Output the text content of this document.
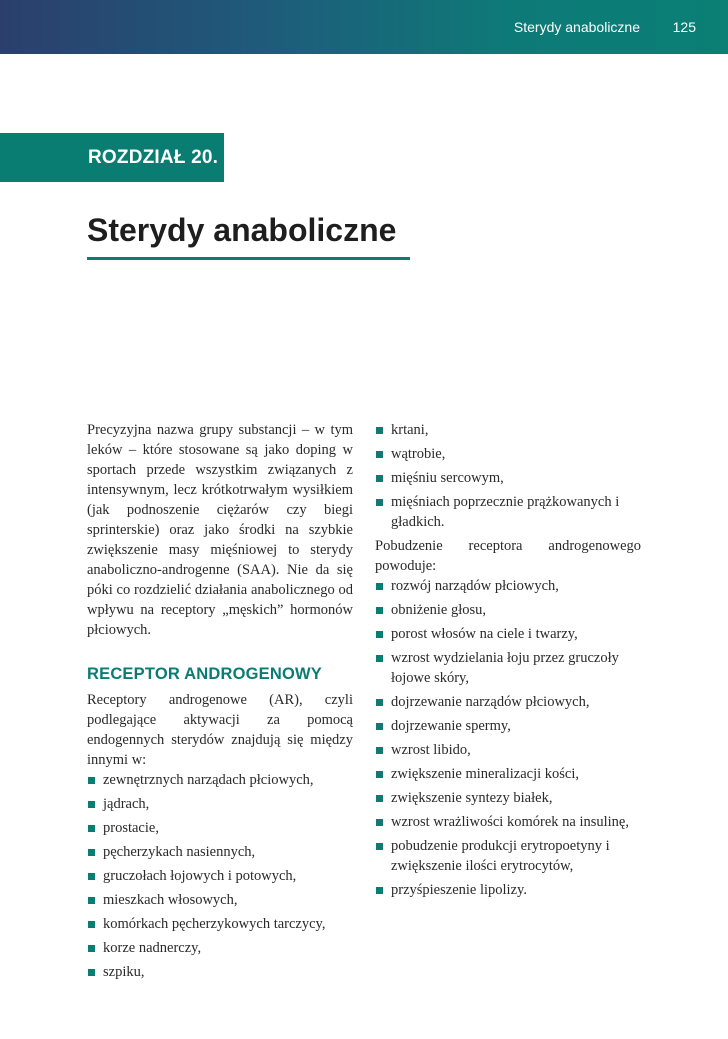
Sterydy anaboliczne 125
ROZDZIAŁ 20.
Sterydy anaboliczne

Precyzyjna nazwa grupy substancji – w tym leków – które stosowane są jako doping w sportach przede wszystkim związanych z intensywnym, lecz krótkotrwałym wysiłkiem (jak podnoszenie ciężarów czy biegi sprinterskie) oraz jako środki na szybkie zwiększenie masy mięśniowej to sterydy anaboliczno-androgenne (SAA). Nie da się póki co rozdzielić działania anabolicznego od wpływu na receptory „męskich” hormonów płciowych.

RECEPTOR ANDROGENOWY

Receptory androgenowe (AR), czyli podlegające aktywacji za pomocą endogennych sterydów znajdują się między innymi w:

zewnętrznych narządach płciowych,
jądrach,
prostacie,
pęcherzykach nasiennych,
gruczołach łojowych i potowych,
mieszkach włosowych,
komórkach pęcherzykowych tarczycy,
korze nadnerczy,
szpiku,
krtani,
wątrobie,
mięśniu sercowym,
mięśniach poprzecznie prążkowanych i gładkich.

Pobudzenie receptora androgenowego powoduje:

rozwój narządów płciowych,
obniżenie głosu,
porost włosów na ciele i twarzy,
wzrost wydzielania łoju przez gruczoły łojowe skóry,
dojrzewanie narządów płciowych,
dojrzewanie spermy,
wzrost libido,
zwiększenie mineralizacji kości,
zwiększenie syntezy białek,
wzrost wrażliwości komórek na insulinę,
pobudzenie produkcji erytropoetyny i zwiększenie ilości erytrocytów,
przyśpieszenie lipolizy.
